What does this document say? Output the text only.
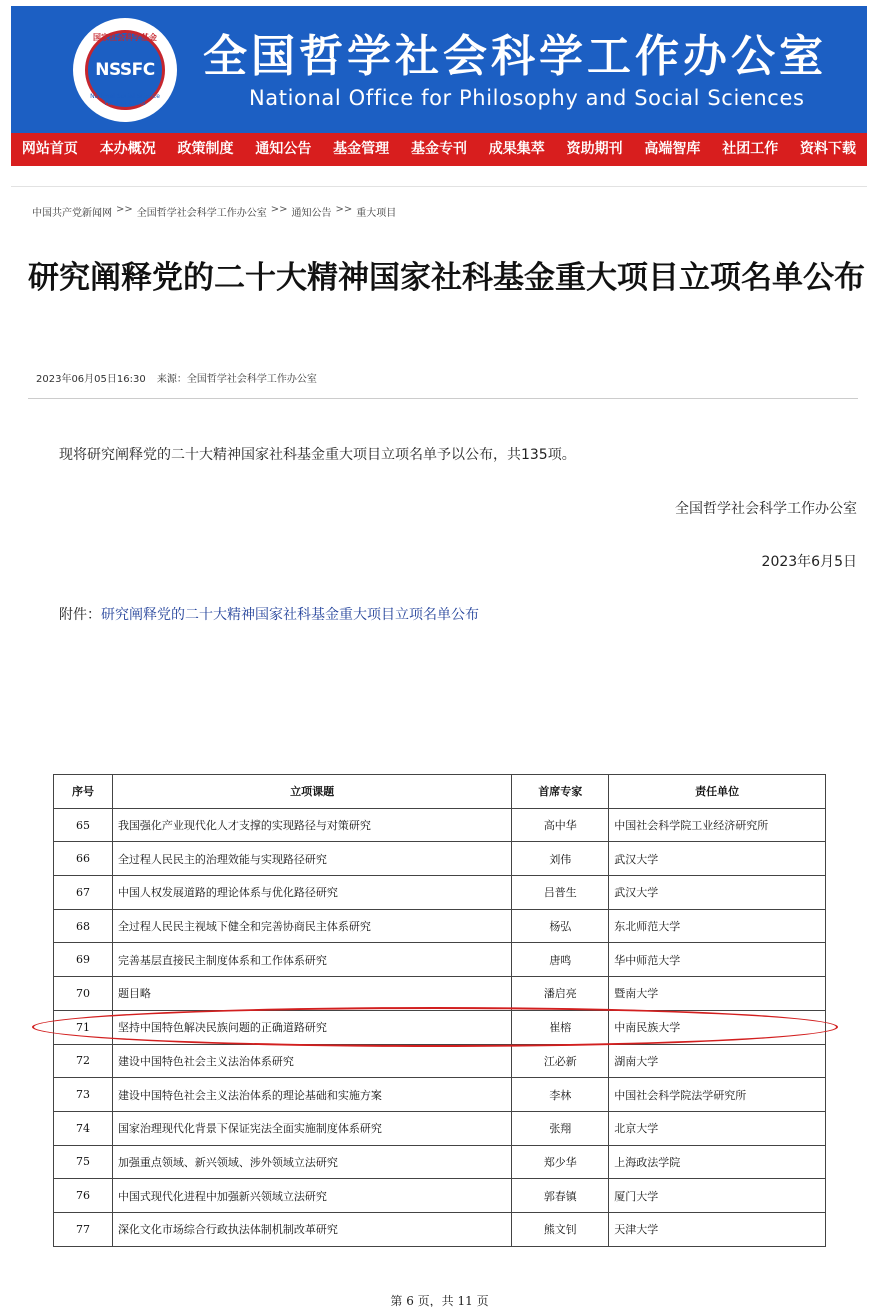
国家社会科学基金
NSSFC
National Social Science Fund of China
全国哲学社会科学工作办公室
National Office for Philosophy and Social Sciences
网站首页	本办概况	政策制度	通知公告	基金管理	基金专刊	成果集萃	资助期刊	高端智库	社团工作	资料下载
中国共产党新闻网 >> 全国哲学社会科学工作办公室 >> 通知公告 >> 重大项目
研究阐释党的二十大精神国家社科基金重大项目立项名单公布
2023年06月05日16:30 来源：全国哲学社会科学工作办公室

现将研究阐释党的二十大精神国家社科基金重大项目立项名单予以公布，共135项。

全国哲学社会科学工作办公室

2023年6月5日

附件：研究阐释党的二十大精神国家社科基金重大项目立项名单公布

序号	立项课题	首席专家	责任单位
65	我国强化产业现代化人才支撑的实现路径与对策研究	高中华	中国社会科学院工业经济研究所
66	全过程人民民主的治理效能与实现路径研究	刘伟	武汉大学
67	中国人权发展道路的理论体系与优化路径研究	吕普生	武汉大学
68	全过程人民民主视域下健全和完善协商民主体系研究	杨弘	东北师范大学
69	完善基层直接民主制度体系和工作体系研究	唐鸣	华中师范大学
70	题目略	潘启亮	暨南大学
71	坚持中国特色解决民族问题的正确道路研究	崔榕	中南民族大学
72	建设中国特色社会主义法治体系研究	江必新	湖南大学
73	建设中国特色社会主义法治体系的理论基础和实施方案	李林	中国社会科学院法学研究所
74	国家治理现代化背景下保证宪法全面实施制度体系研究	张翔	北京大学
75	加强重点领域、新兴领域、涉外领域立法研究	郑少华	上海政法学院
76	中国式现代化进程中加强新兴领域立法研究	郭春镇	厦门大学
77	深化文化市场综合行政执法体制机制改革研究	熊文钊	天津大学
第 6 页，共 11 页
